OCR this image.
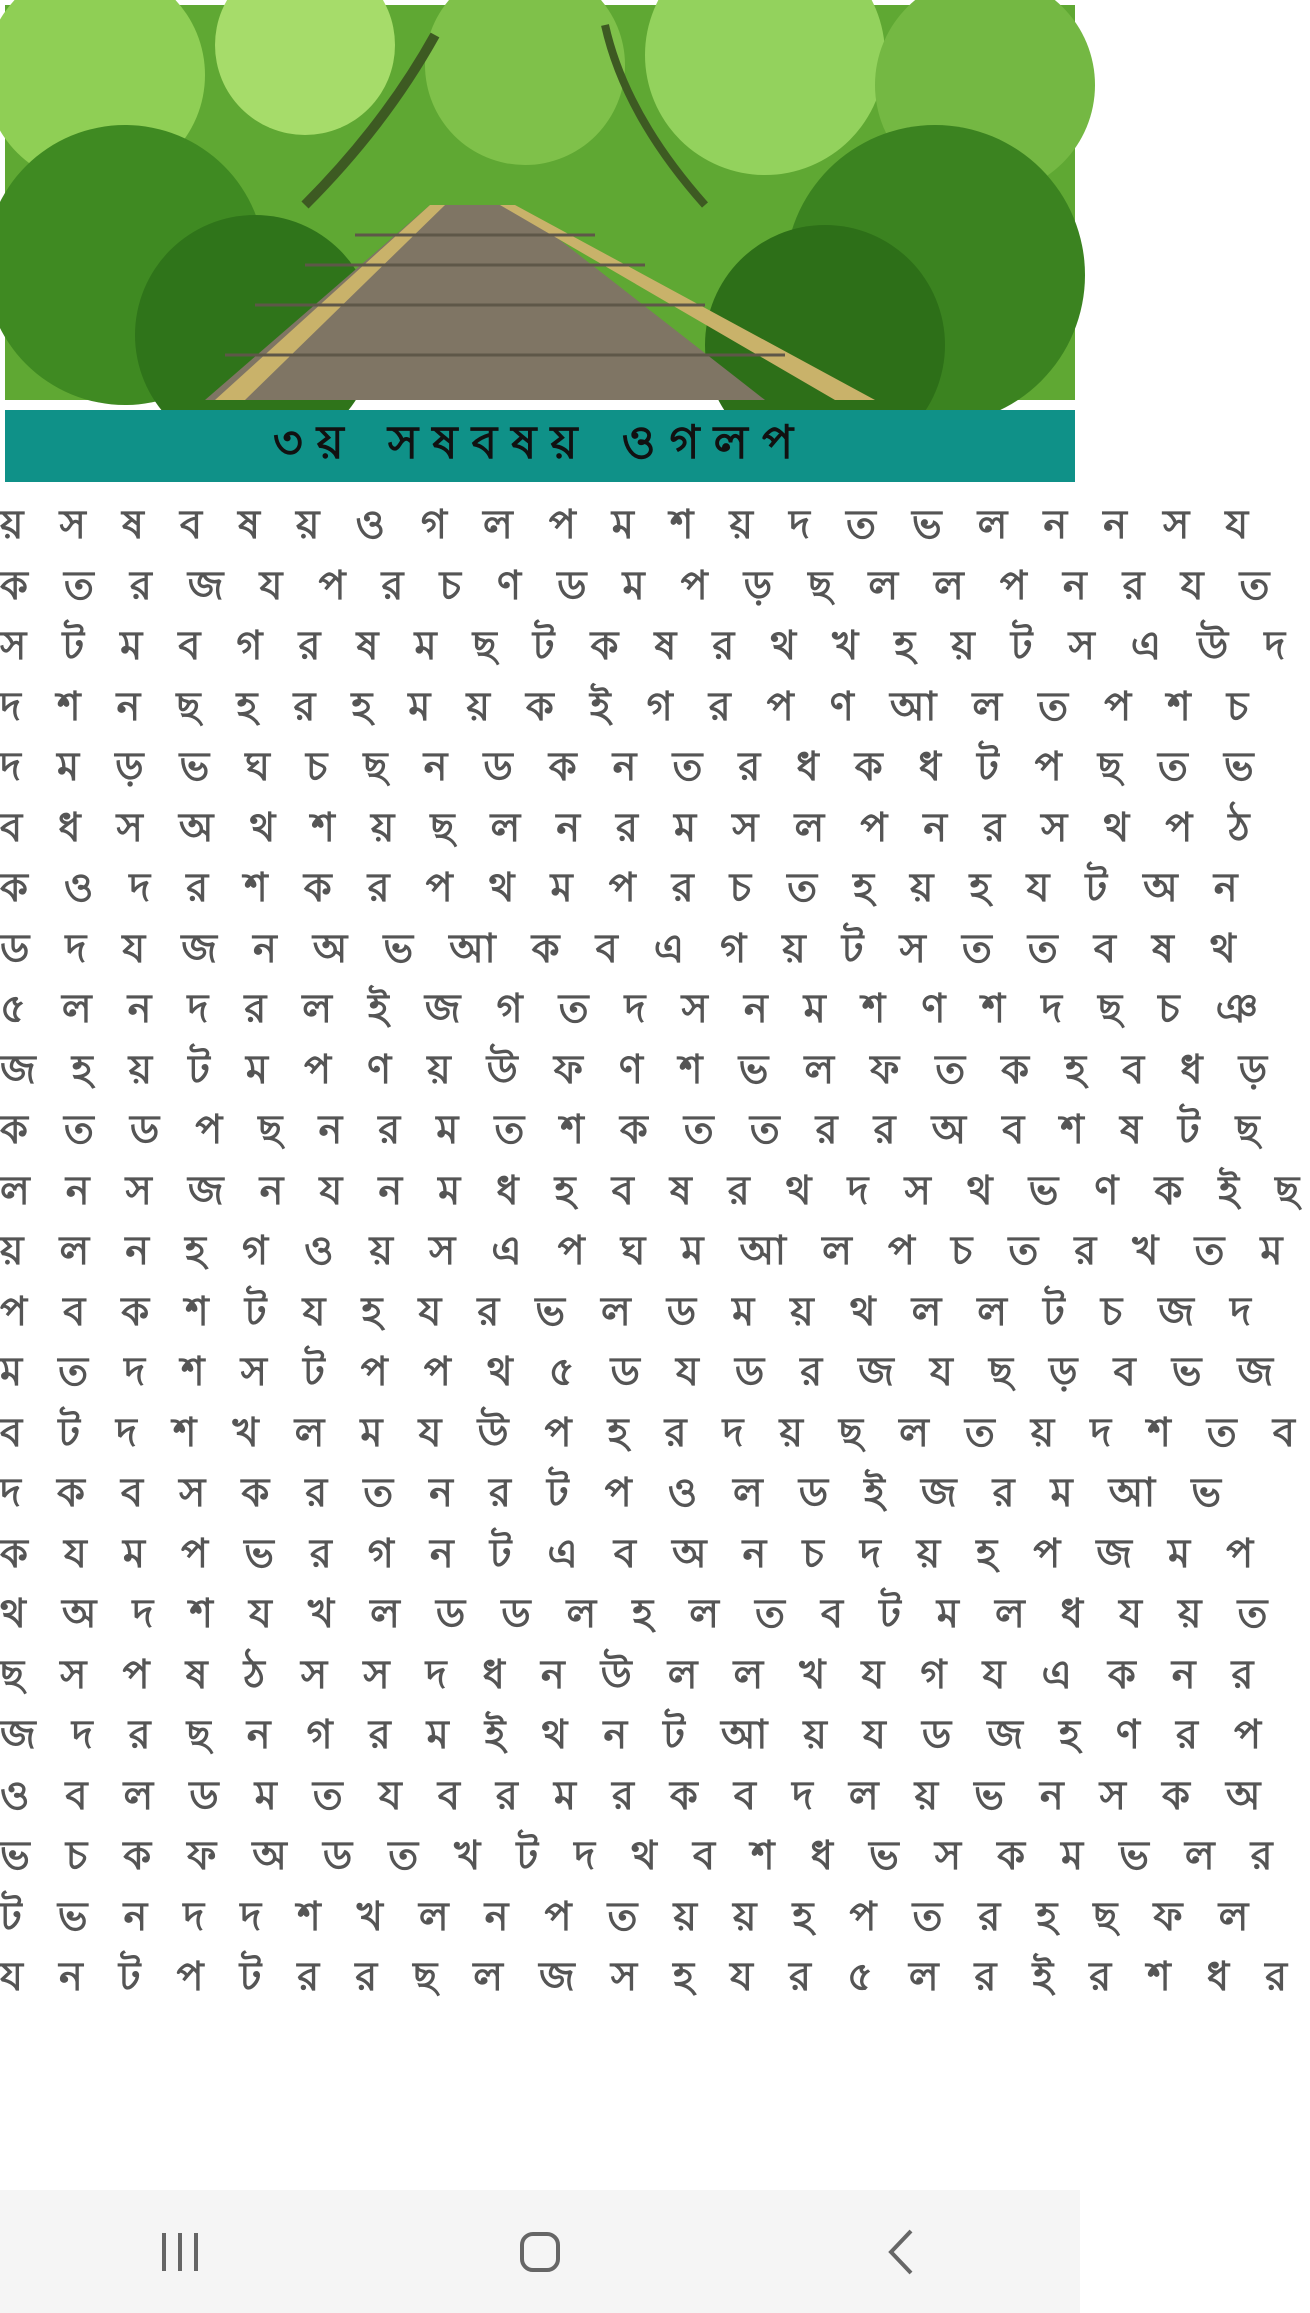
৩য় সষবষয় ওগলপ
য় স ষ ব ষ য় ও গ ল প ম শ য় দ ত ভ ল ন ন স য
ক ত র জ য প র চ ণ ড ম প ড় ছ ল ল প ন র য ত
স ট ম ব গ র ষ ম ছ ট ক ষ র থ খ হ য় ট স এ উ দ
দ শ ন ছ হ র হ ম য় ক ই গ র প ণ আ ল ত প শ চ
দ ম ড় ভ ঘ চ ছ ন ড ক ন ত র ধ ক ধ ট প ছ ত ভ
ব ধ স অ থ শ য় ছ ল ন র ম স ল প ন র স থ প ঠ
ক ও দ র শ ক র প থ ম প র চ ত হ য় হ য ট অ ন
ড দ য জ ন অ ভ আ ক ব এ গ য় ট স ত ত ব ষ থ
৫ ল ন দ র ল ই জ গ ত দ স ন ম শ ণ শ দ ছ চ ঞ
জ হ য় ট ম প ণ য় উ ফ ণ শ ভ ল ফ ত ক হ ব ধ ড়
ক ত ড প ছ ন র ম ত শ ক ত ত র র অ ব শ ষ ট ছ
ল ন স জ ন য ন ম ধ হ ব ষ র থ দ স থ ভ ণ ক ই ছ
য় ল ন হ গ ও য় স এ প ঘ ম আ ল প চ ত র খ ত ম
প ব ক শ ট য হ য র ভ ল ড ম য় থ ল ল ট চ জ দ
ম ত দ শ স ট প প থ ৫ ড য ড র জ য ছ ড় ব ভ জ
ব ট দ শ খ ল ম য উ প হ র দ য় ছ ল ত য় দ শ ত ব
দ ক ব স ক র ত ন র ট প ও ল ড ই জ র ম আ ভ
ক য ম প ভ র গ ন ট এ ব অ ন চ দ য় হ প জ ম প
থ অ দ শ য খ ল ড ড ল হ ল ত ব ট ম ল ধ য য় ত
ছ স প ষ ঠ স স দ ধ ন উ ল ল খ য গ য এ ক ন র
জ দ র ছ ন গ র ম ই থ ন ট আ য় য ড জ হ ণ র প
ও ব ল ড ম ত য ব র ম র ক ব দ ল য় ভ ন স ক অ
ভ চ ক ফ অ ড ত খ ট দ থ ব শ ধ ভ স ক ম ভ ল র
ট ভ ন দ দ শ খ ল ন প ত য় য় হ প ত র হ ছ ফ ল
য ন ট প ট র র ছ ল জ স হ য র ৫ ল র ই র শ ধ র
